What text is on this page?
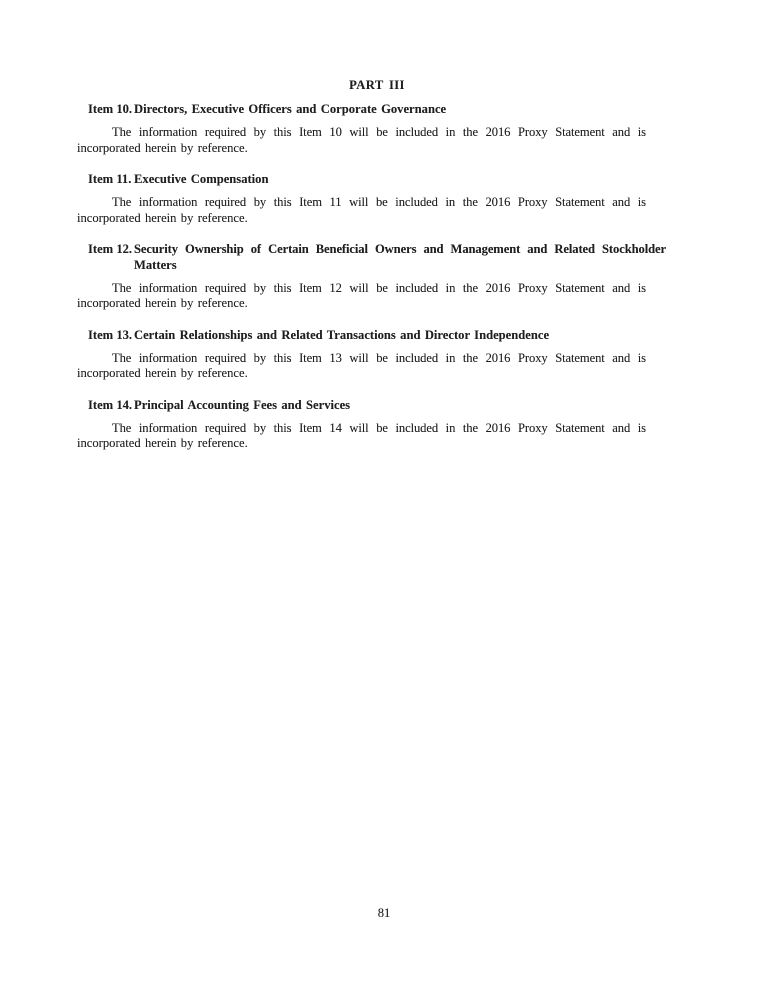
PART III
Item 10. Directors, Executive Officers and Corporate Governance
The information required by this Item 10 will be included in the 2016 Proxy Statement and is
incorporated herein by reference.
Item 11. Executive Compensation
The information required by this Item 11 will be included in the 2016 Proxy Statement and is
incorporated herein by reference.
Item 12. Security Ownership of Certain Beneficial Owners and Management and Related Stockholder
Matters
The information required by this Item 12 will be included in the 2016 Proxy Statement and is
incorporated herein by reference.
Item 13. Certain Relationships and Related Transactions and Director Independence
The information required by this Item 13 will be included in the 2016 Proxy Statement and is
incorporated herein by reference.
Item 14. Principal Accounting Fees and Services
The information required by this Item 14 will be included in the 2016 Proxy Statement and is
incorporated herein by reference.
81
